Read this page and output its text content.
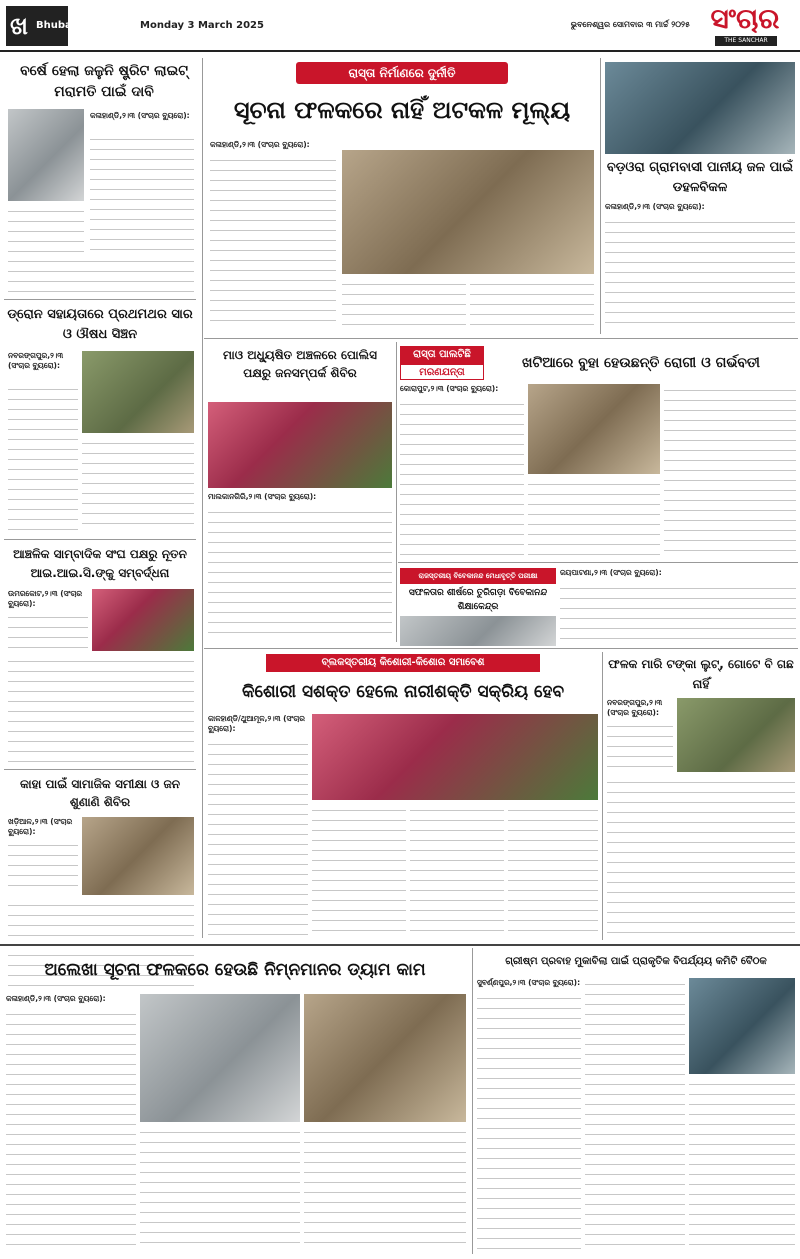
ଖ Bhubaneswar	Monday 3 March 2025	ଭୁବନେଶ୍ୱର ସୋମବାର ୩ ମାର୍ଚ୍ଚ ୨୦୨୫ ସଂଚାର
THE SANCHAR
ବର୍ଷେ ହେଲା ଜଳୁନି ଷ୍ଟ୍ରିଟ ଲାଇଟ୍ ମରାମତି ପାଇଁ ଦାବି
କଳାହାଣ୍ଡି,୨।୩ (ସଂଚାର ବ୍ୟୁରୋ):
ଡ୍ରୋନ ସହାୟତାରେ ପ୍ରଥମଥର ସାର ଓ ଔଷଧ ସିଞ୍ଚନ
ନବରଙ୍ଗପୁର,୨।୩ (ସଂଚାର ବ୍ୟୁରୋ):
ଆଞ୍ଚଳିକ ସାମ୍ବାଦିକ ସଂଘ ପକ୍ଷରୁ ନୂତନ ଆଇ.ଆଇ.ସି.ଙ୍କୁ ସମ୍ବର୍ଦ୍ଧନା
ଉମରକୋଟ,୨।୩ (ସଂଚାର ବ୍ୟୁରୋ):
କାହା ପାଇଁ ସାମାଜିକ ସମୀକ୍ଷା ଓ ଜନ ଶୁଣାଣି ଶିବିର
ଖଡ଼ିଆଳ,୨।୩ (ସଂଚାର ବ୍ୟୁରୋ):
ରାସ୍ତା ନିର୍ମାଣରେ ଦୁର୍ନୀତି
ସୂଚନା ଫଳକରେ ନାହିଁ ଅଟକଳ ମୂଲ୍ୟ
କଳାହାଣ୍ଡି,୨।୩ (ସଂଚାର ବ୍ୟୁରୋ):
ବଡ଼ଓରା ଗ୍ରାମବାସୀ ପାନୀୟ ଜଳ ପାଇଁ ଡହଳବିକଳ
କଳାହାଣ୍ଡି,୨।୩ (ସଂଚାର ବ୍ୟୁରୋ):
ମାଓ ଅଧ୍ୟୁଷିତ ଅଞ୍ଚଳରେ ପୋଲିସ ପକ୍ଷରୁ ଜନସମ୍ପର୍କ ଶିବିର
ମାଲକାନଗିରି,୨।୩ (ସଂଚାର ବ୍ୟୁରୋ):
ରାସ୍ତା ପାଲଟିଛି
ମରଣଯନ୍ତା
ଖଟିଆରେ ବୁହା ହେଉଛନ୍ତି ରୋଗୀ ଓ ଗର୍ଭବତୀ
କୋରାପୁଟ,୨।୩ (ସଂଚାର ବ୍ୟୁରୋ):
ରାଜସ୍ତରୀୟ ବିବେକାନନ୍ଦ ମେଧାବୃତ୍ତି ପରୀକ୍ଷା
ସଫଳତାର ଶୀର୍ଷରେ ତୁରିଗଡ଼ା ବିବେକାନନ୍ଦ ଶିକ୍ଷାକେନ୍ଦ୍ର
ଜୟପାଟଣା,୨।୩ (ସଂଚାର ବ୍ୟୁରୋ):
ବ୍ଲକସ୍ତରୀୟ କିଶୋରୀ-କିଶୋର ସମାବେଶ
କିଶୋରୀ ସଶକ୍ତ ହେଲେ ନାରୀଶକ୍ତି ସକ୍ରିୟ ହେବ
କାଳହାଣ୍ଡି/ଥୁଆମୂଳ,୨।୩ (ସଂଚାର ବ୍ୟୁରୋ):
ଫଳକ ମାରି ଟଙ୍କା ଲୁଟ୍, ଗୋଟେ ବି ଗଛ ନାହିଁ
ନବରଙ୍ଗପୁର,୨।୩ (ସଂଚାର ବ୍ୟୁରୋ):
ଅଲେଖା ସୂଚନା ଫଳକରେ ହେଉଛି ନିମ୍ନମାନର ଡ୍ୟାମ କାମ
କଳାହାଣ୍ଡି,୨।୩ (ସଂଚାର ବ୍ୟୁରୋ):
ଗ୍ରୀଷ୍ମ ପ୍ରବାହ ମୁକାବିଲା ପାଇଁ ପ୍ରାକୃତିକ ବିପର୍ଯ୍ୟୟ କମିଟି ବୈଠକ
ସୁବର୍ଣ୍ଣପୁର,୨।୩ (ସଂଚାର ବ୍ୟୁରୋ):
